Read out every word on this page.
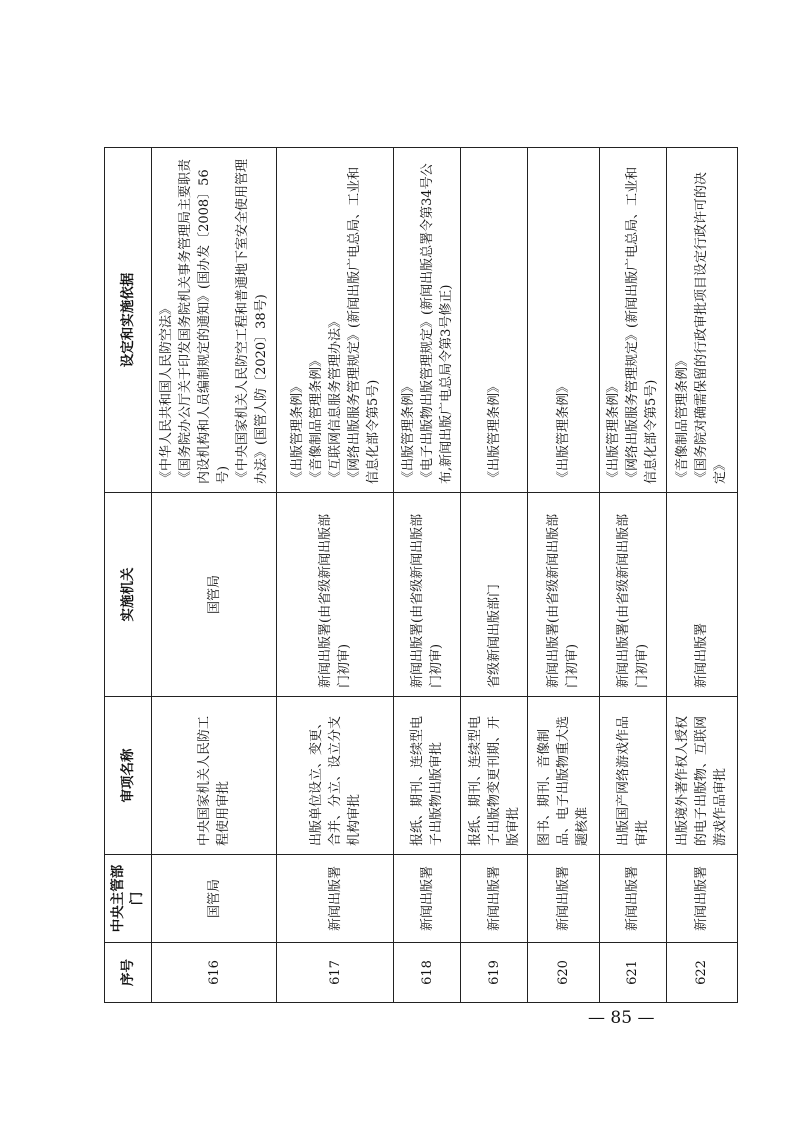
序号	中央主管部门	审项名称	实施机关	设定和实施依据
616	国管局	中央国家机关人民防工程使用审批	国管局	《中华人民共和国人民防空法》 《国务院办公厅关于印发国务院机关事务管理局主要职责内设机构和人员编制规定的通知》(国办发〔2008〕56号) 《中央国家机关人民防空工程和普通地下室安全使用管理办法》(国管人防〔2020〕38号)

617	新闻出版署	出版单位设立、变更、合并、分立、设立分支机构审批	新闻出版署(由省级新闻出版部门初审)	《出版管理条例》 《音像制品管理条例》 《互联网信息服务管理办法》 《网络出版服务管理规定》(新闻出版广电总局、工业和信息化部令第5号)

618	新闻出版署	报纸、期刊、连续型电子出版物出版审批	新闻出版署(由省级新闻出版部门初审)	《出版管理条例》 《电子出版物出版管理规定》(新闻出版总署令第34号公布,新闻出版广电总局令第3号修正)

619	新闻出版署	报纸、期刊、连续型电子出版物变更刊期、开版审批	省级新闻出版部门	《出版管理条例》

620	新闻出版署	图书、期刊、音像制品、电子出版物重大选题核准	新闻出版署(由省级新闻出版部门初审)	《出版管理条例》

621	新闻出版署	出版国产网络游戏作品审批	新闻出版署(由省级新闻出版部门初审)	《出版管理条例》 《网络出版服务管理规定》(新闻出版广电总局、工业和信息化部令第5号)

622	新闻出版署	出版境外著作权人授权的电子出版物、互联网游戏作品审批	新闻出版署	《音像制品管理条例》 《国务院对确需保留的行政审批项目设定行政许可的决定》
— 85 —
